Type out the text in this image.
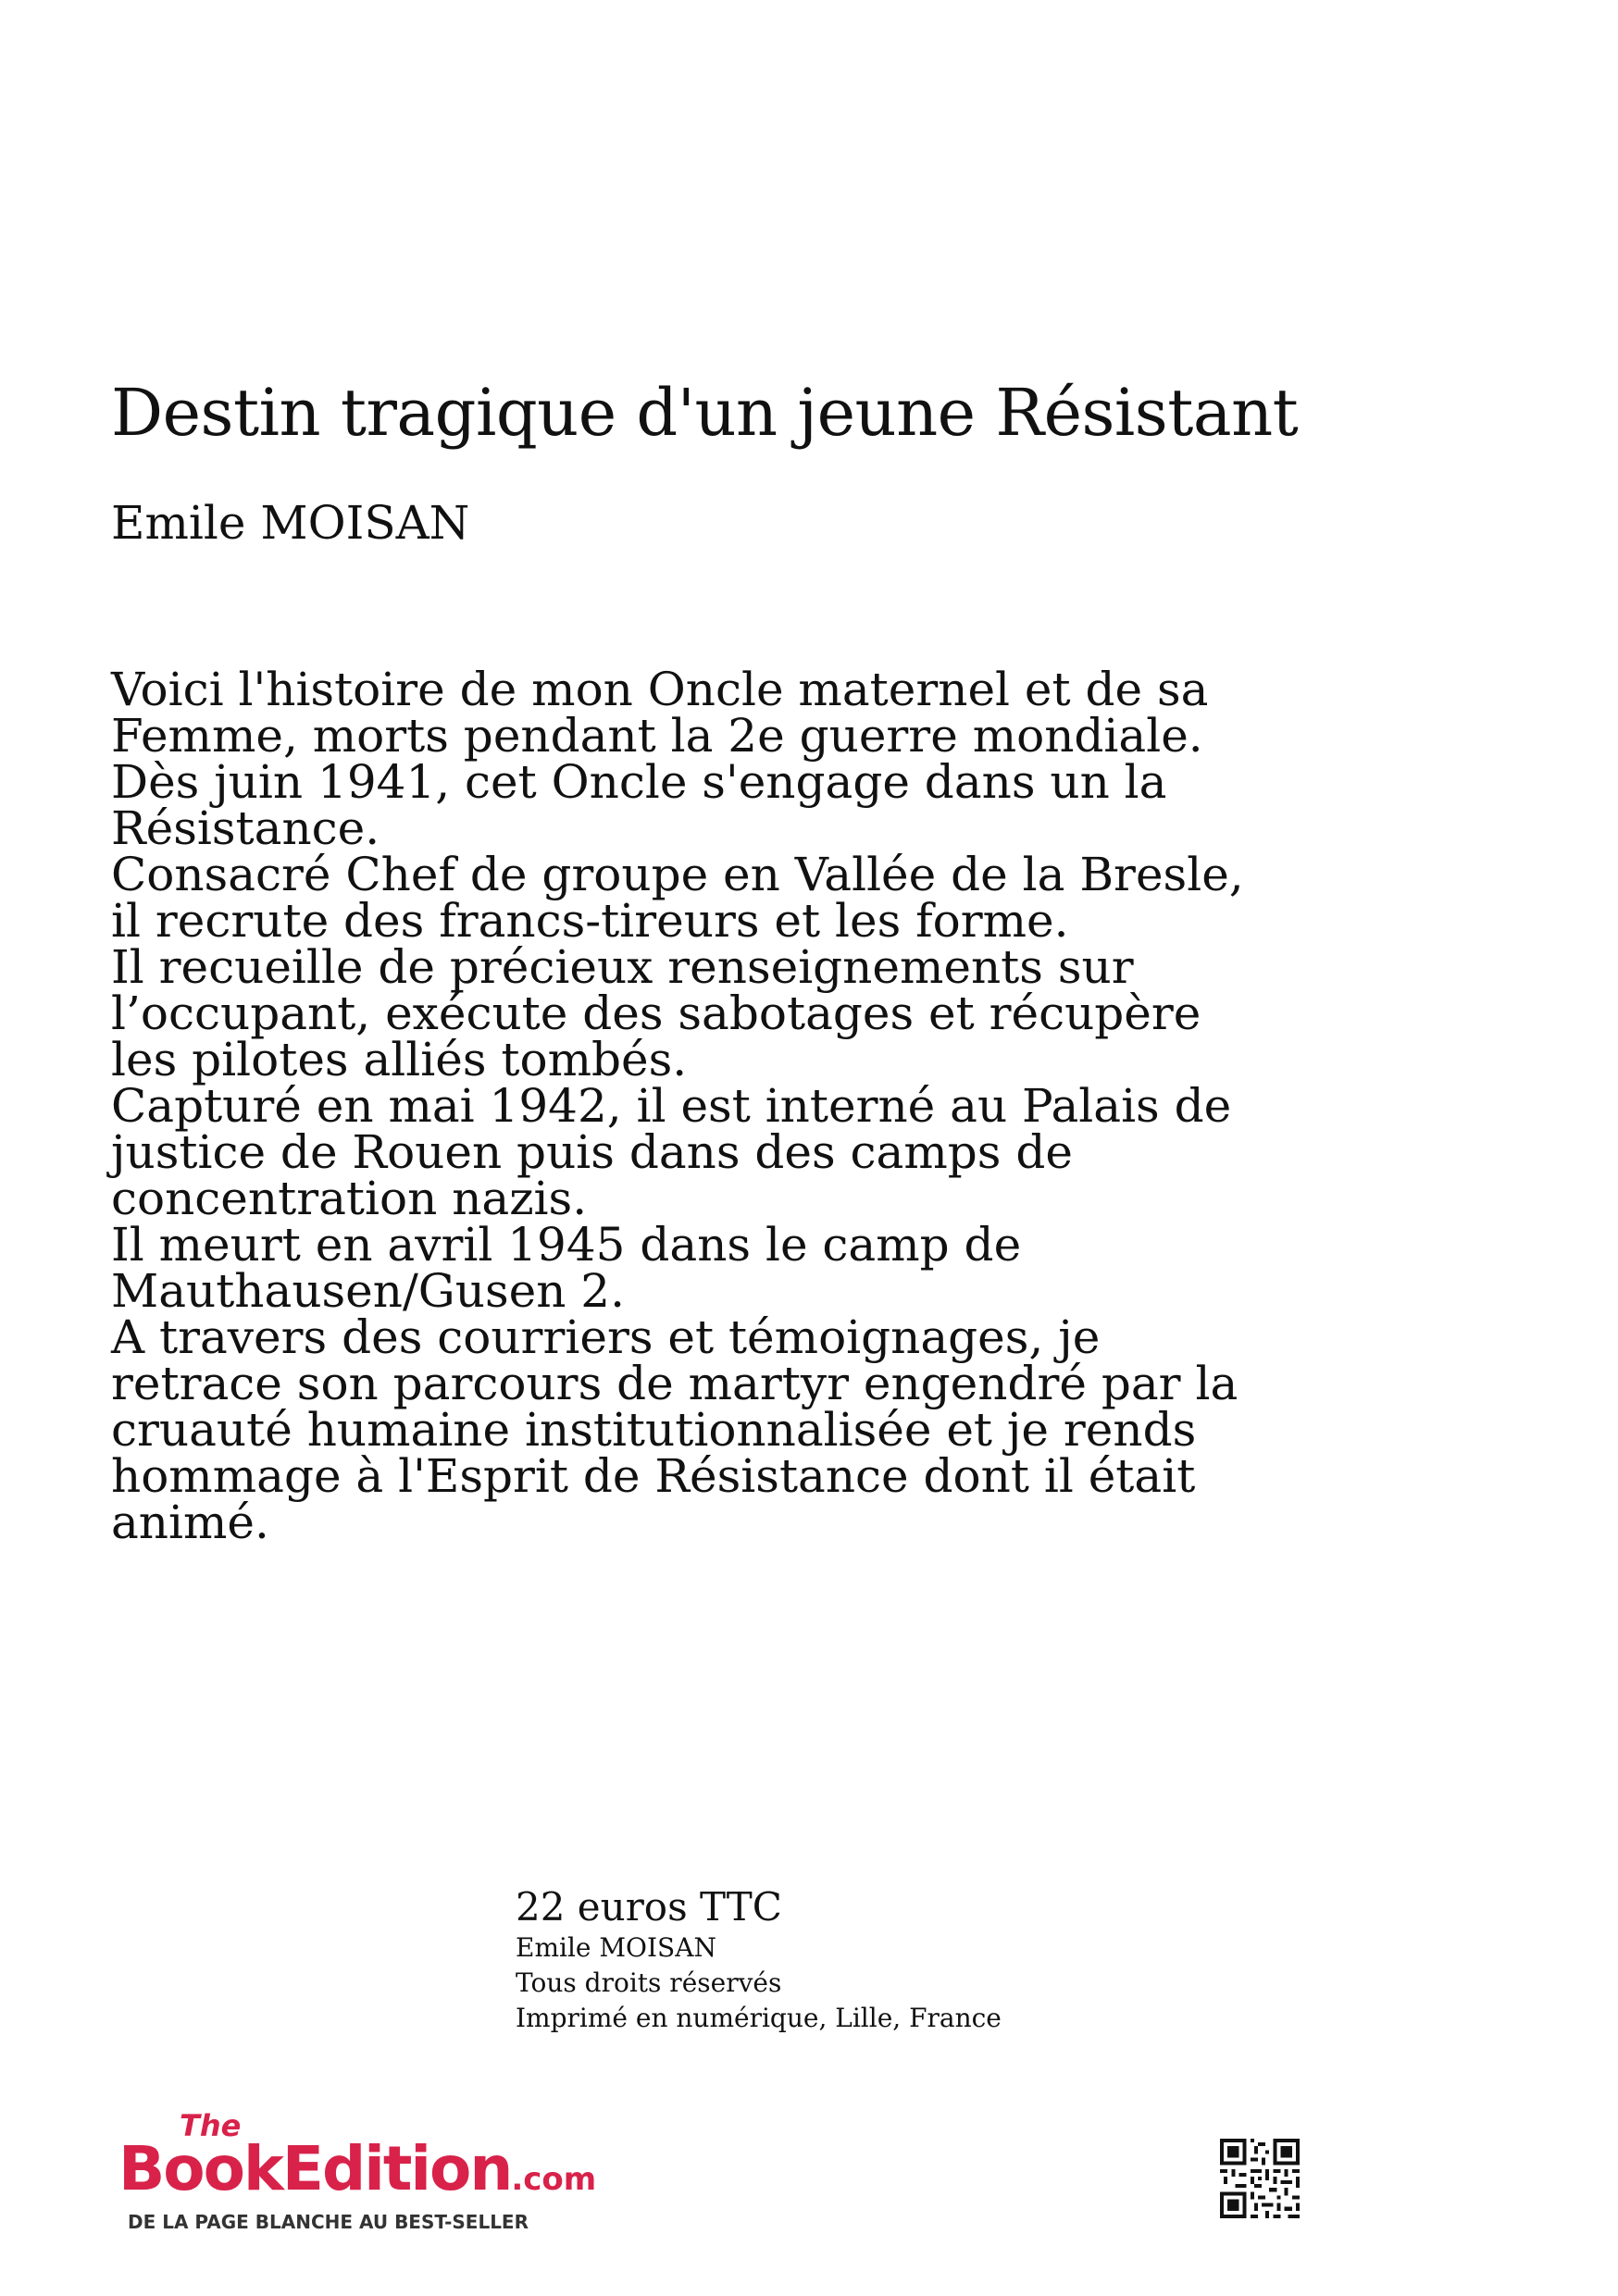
Destin tragique d'un jeune Résistant
Emile MOISAN

Voici l'histoire de mon Oncle maternel et de sa Femme, morts pendant la 2e guerre mondiale.

Dès juin 1941, cet Oncle s'engage dans un la Résistance.

Consacré Chef de groupe en Vallée de la Bresle, il recrute des francs-tireurs et les forme.

Il recueille de précieux renseignements sur l’occupant, exécute des sabotages et récupère les pilotes alliés tombés.

Capturé en mai 1942, il est interné au Palais de justice de Rouen puis dans des camps de concentration nazis.

Il meurt en avril 1945 dans le camp de Mauthausen/Gusen 2.

A travers des courriers et témoignages, je retrace son parcours de martyr engendré par la cruauté humaine institutionnalisée et je rends hommage à l'Esprit de Résistance dont il était animé.

22 euros TTC
Emile MOISAN
Tous droits réservés
Imprimé en numérique, Lille, France
The
BookEdition.com
DE LA PAGE BLANCHE AU BEST-SELLER
